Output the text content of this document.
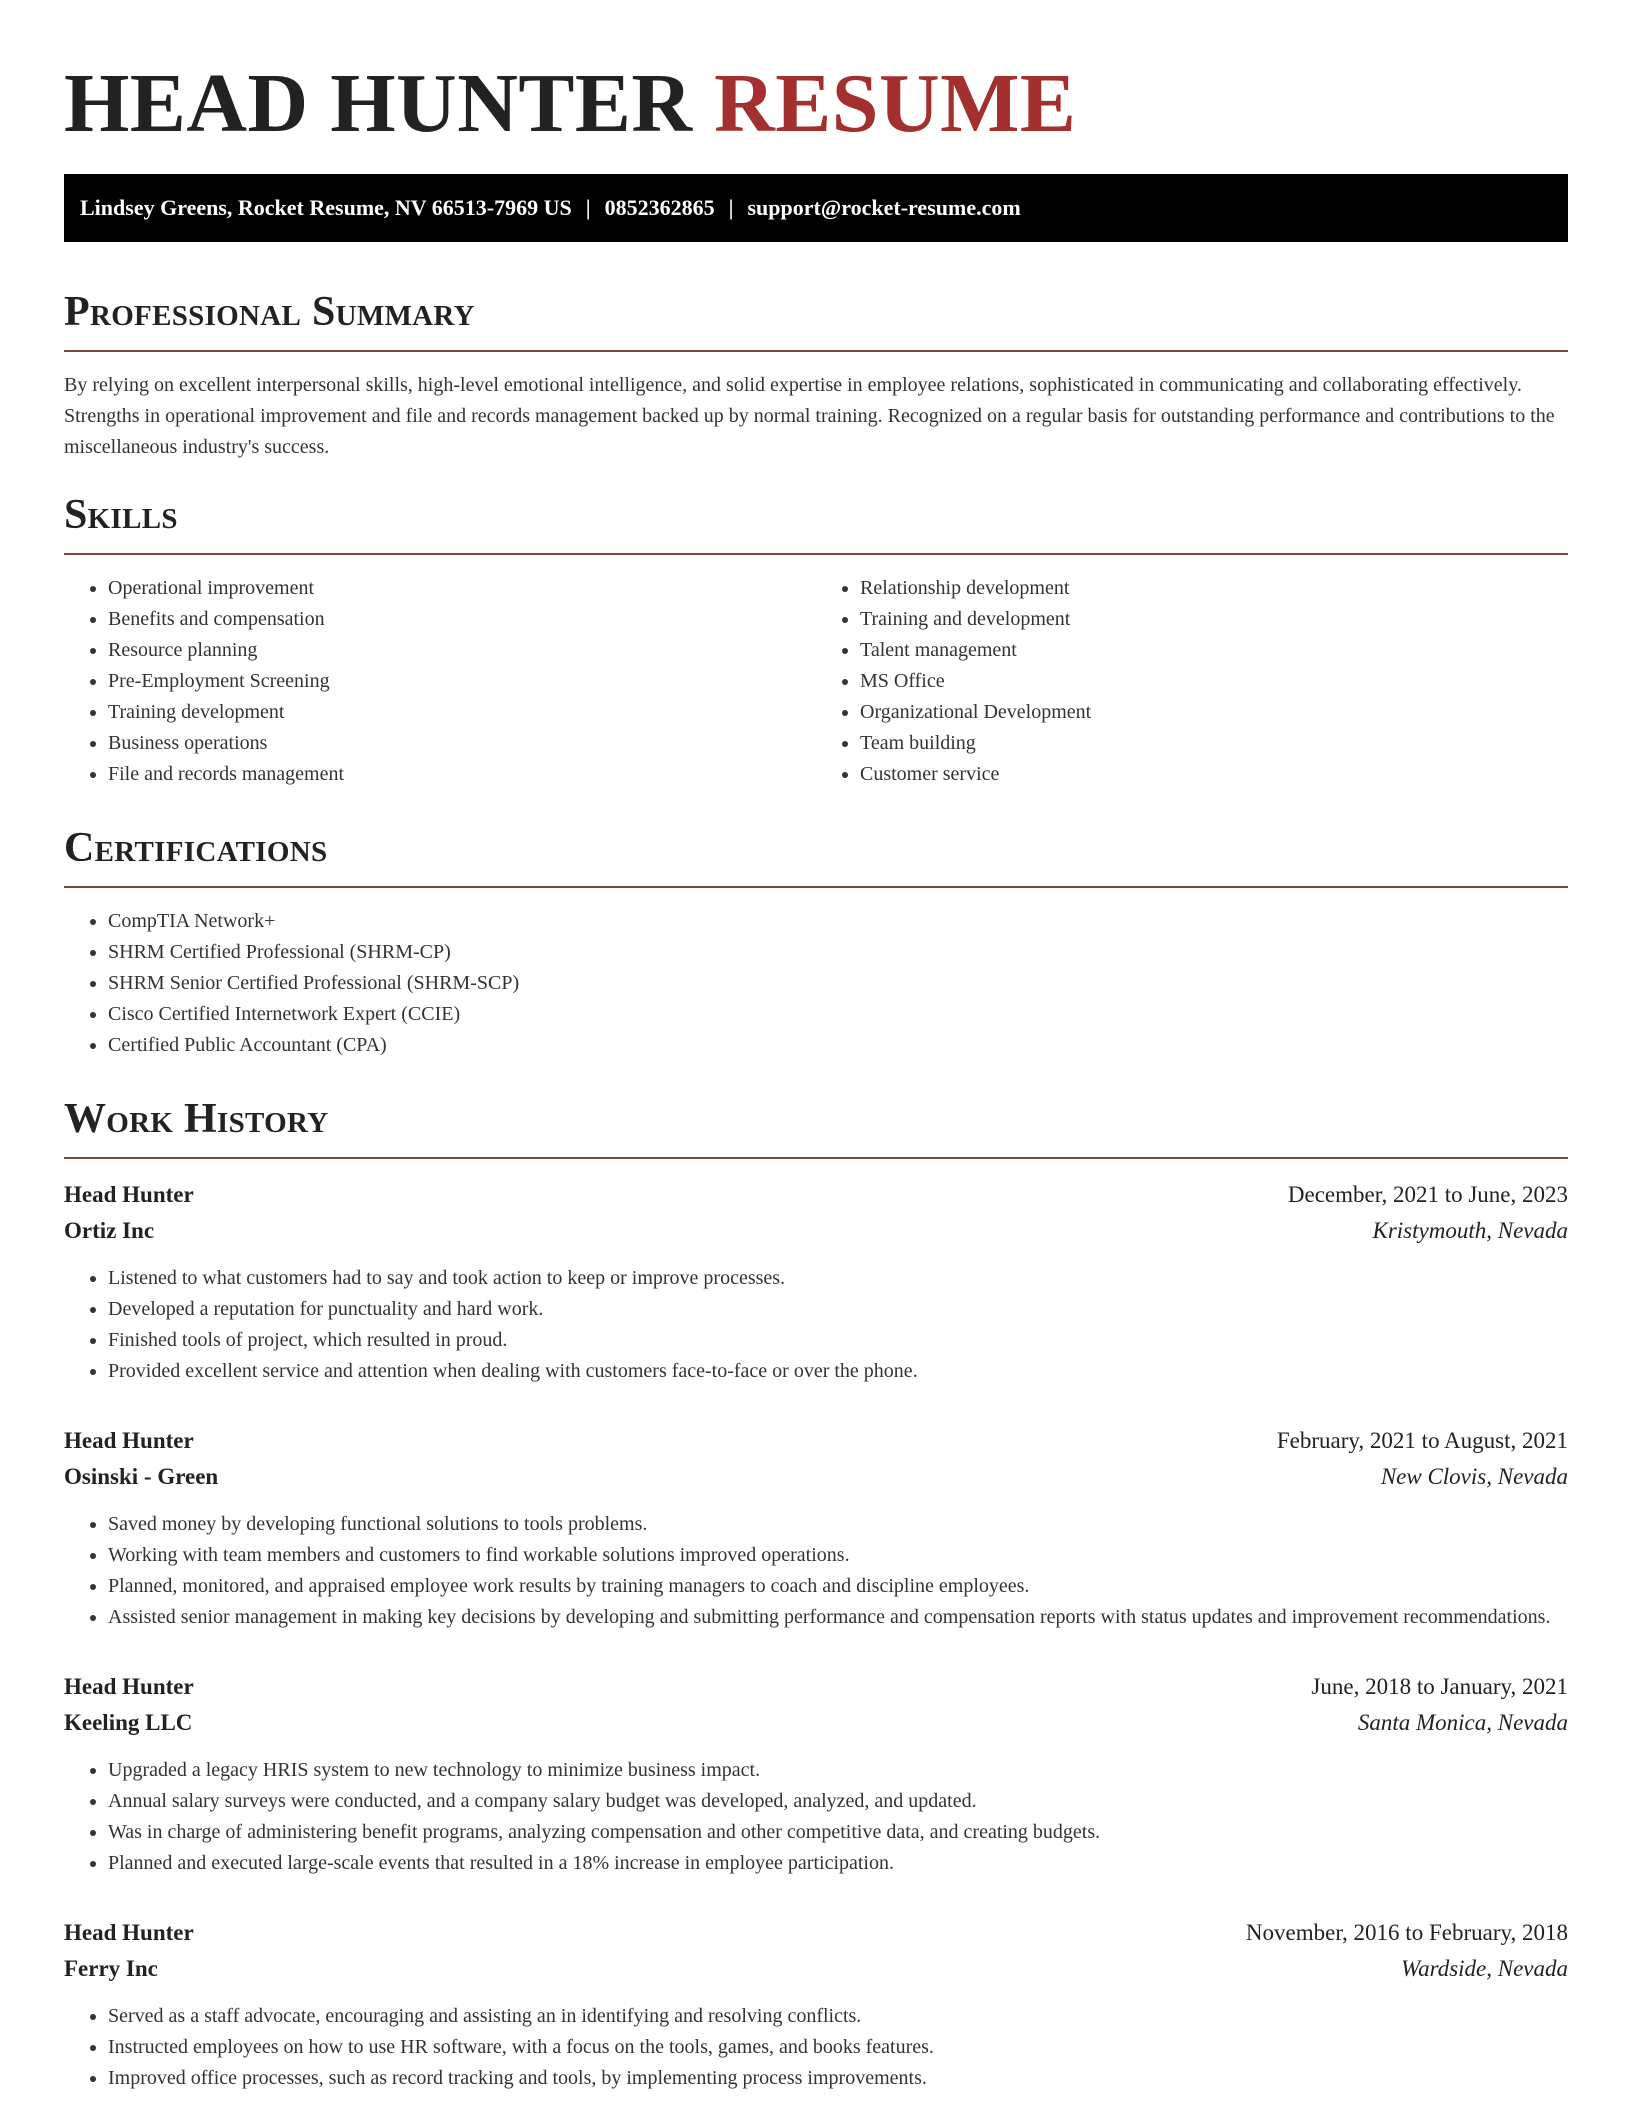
HEAD HUNTER RESUME
Lindsey Greens, Rocket Resume, NV 66513-7969 US | 0852362865 | support@rocket-resume.com
Professional Summary

By relying on excellent interpersonal skills, high-level emotional intelligence, and solid expertise in employee relations, sophisticated in communicating and collaborating effectively. Strengths in operational improvement and file and records management backed up by normal training. Recognized on a regular basis for outstanding performance and contributions to the miscellaneous industry's success.

Skills
• Operational improvement
• Benefits and compensation
• Resource planning
• Pre-Employment Screening
• Training development
• Business operations
• File and records management
• Relationship development
• Training and development
• Talent management
• MS Office
• Organizational Development
• Team building
• Customer service
Certifications
• CompTIA Network+
• SHRM Certified Professional (SHRM-CP)
• SHRM Senior Certified Professional (SHRM-SCP)
• Cisco Certified Internetwork Expert (CCIE)
• Certified Public Accountant (CPA)
Work History
Head Hunter	December, 2021 to June, 2023
Ortiz Inc	Kristymouth, Nevada
• Listened to what customers had to say and took action to keep or improve processes.
• Developed a reputation for punctuality and hard work.
• Finished tools of project, which resulted in proud.
• Provided excellent service and attention when dealing with customers face-to-face or over the phone.
Head Hunter	February, 2021 to August, 2021
Osinski - Green	New Clovis, Nevada
• Saved money by developing functional solutions to tools problems.
• Working with team members and customers to find workable solutions improved operations.
• Planned, monitored, and appraised employee work results by training managers to coach and discipline employees.
• Assisted senior management in making key decisions by developing and submitting performance and compensation reports with status updates and improvement recommendations.
Head Hunter	June, 2018 to January, 2021
Keeling LLC	Santa Monica, Nevada
• Upgraded a legacy HRIS system to new technology to minimize business impact.
• Annual salary surveys were conducted, and a company salary budget was developed, analyzed, and updated.
• Was in charge of administering benefit programs, analyzing compensation and other competitive data, and creating budgets.
• Planned and executed large-scale events that resulted in a 18% increase in employee participation.
Head Hunter	November, 2016 to February, 2018
Ferry Inc	Wardside, Nevada
• Served as a staff advocate, encouraging and assisting an in identifying and resolving conflicts.
• Instructed employees on how to use HR software, with a focus on the tools, games, and books features.
• Improved office processes, such as record tracking and tools, by implementing process improvements.
